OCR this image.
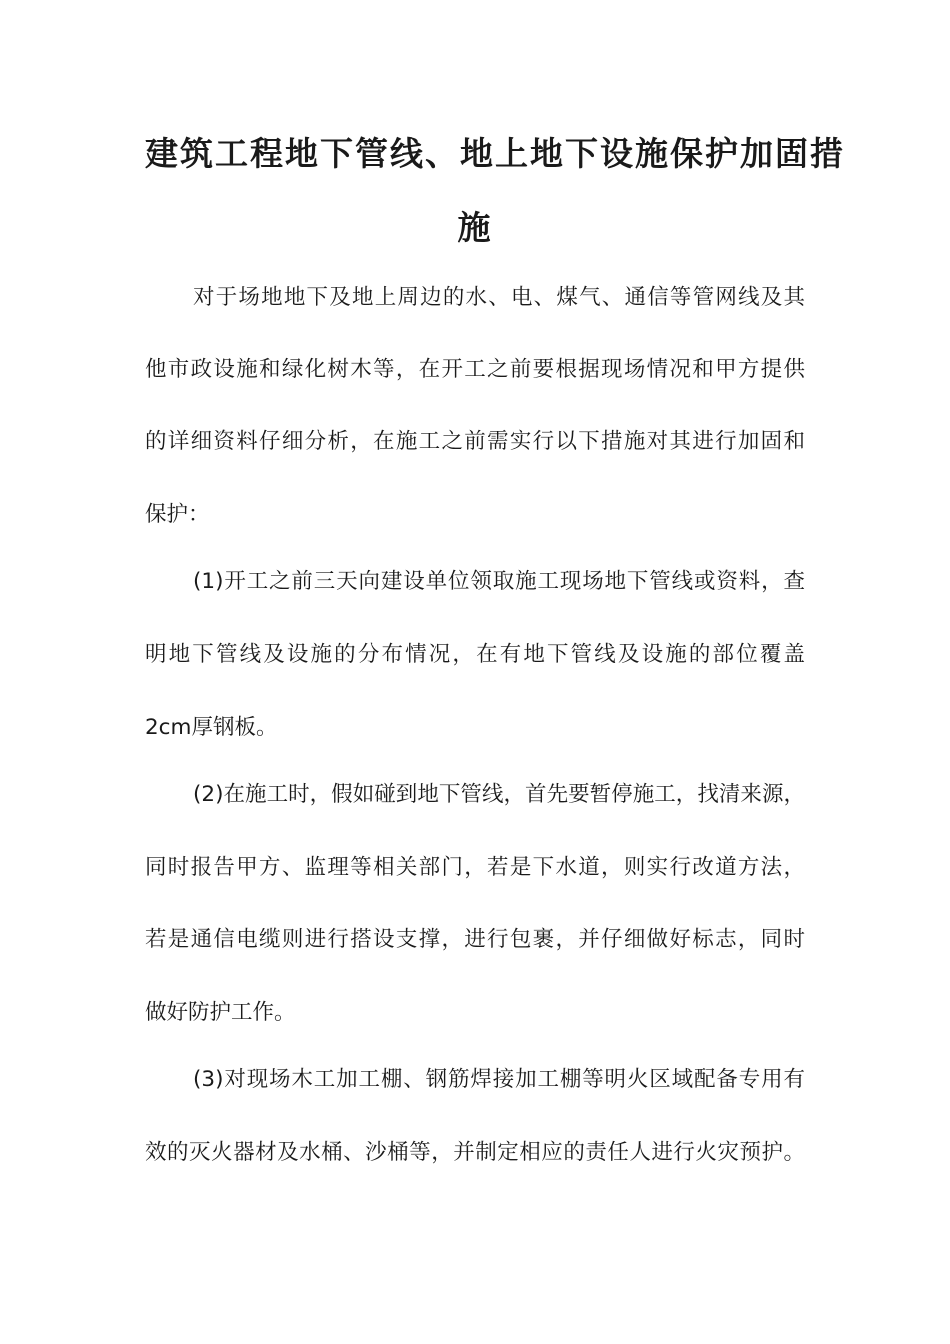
建筑工程地下管线、地上地下设施保护加固措
施
对于场地地下及地上周边的水、电、煤气、通信等管网线及其
他市政设施和绿化树木等，在开工之前要根据现场情况和甲方提供
的详细资料仔细分析，在施工之前需实行以下措施对其进行加固和
保护：
(1)开工之前三天向建设单位领取施工现场地下管线或资料，查
明地下管线及设施的分布情况，在有地下管线及设施的部位覆盖
2cm厚钢板。
(2)在施工时，假如碰到地下管线，首先要暂停施工，找清来源，
同时报告甲方、监理等相关部门，若是下水道，则实行改道方法，
若是通信电缆则进行搭设支撑，进行包裹，并仔细做好标志，同时
做好防护工作。
(3)对现场木工加工棚、钢筋焊接加工棚等明火区域配备专用有
效的灭火器材及水桶、沙桶等，并制定相应的责任人进行火灾预护。
